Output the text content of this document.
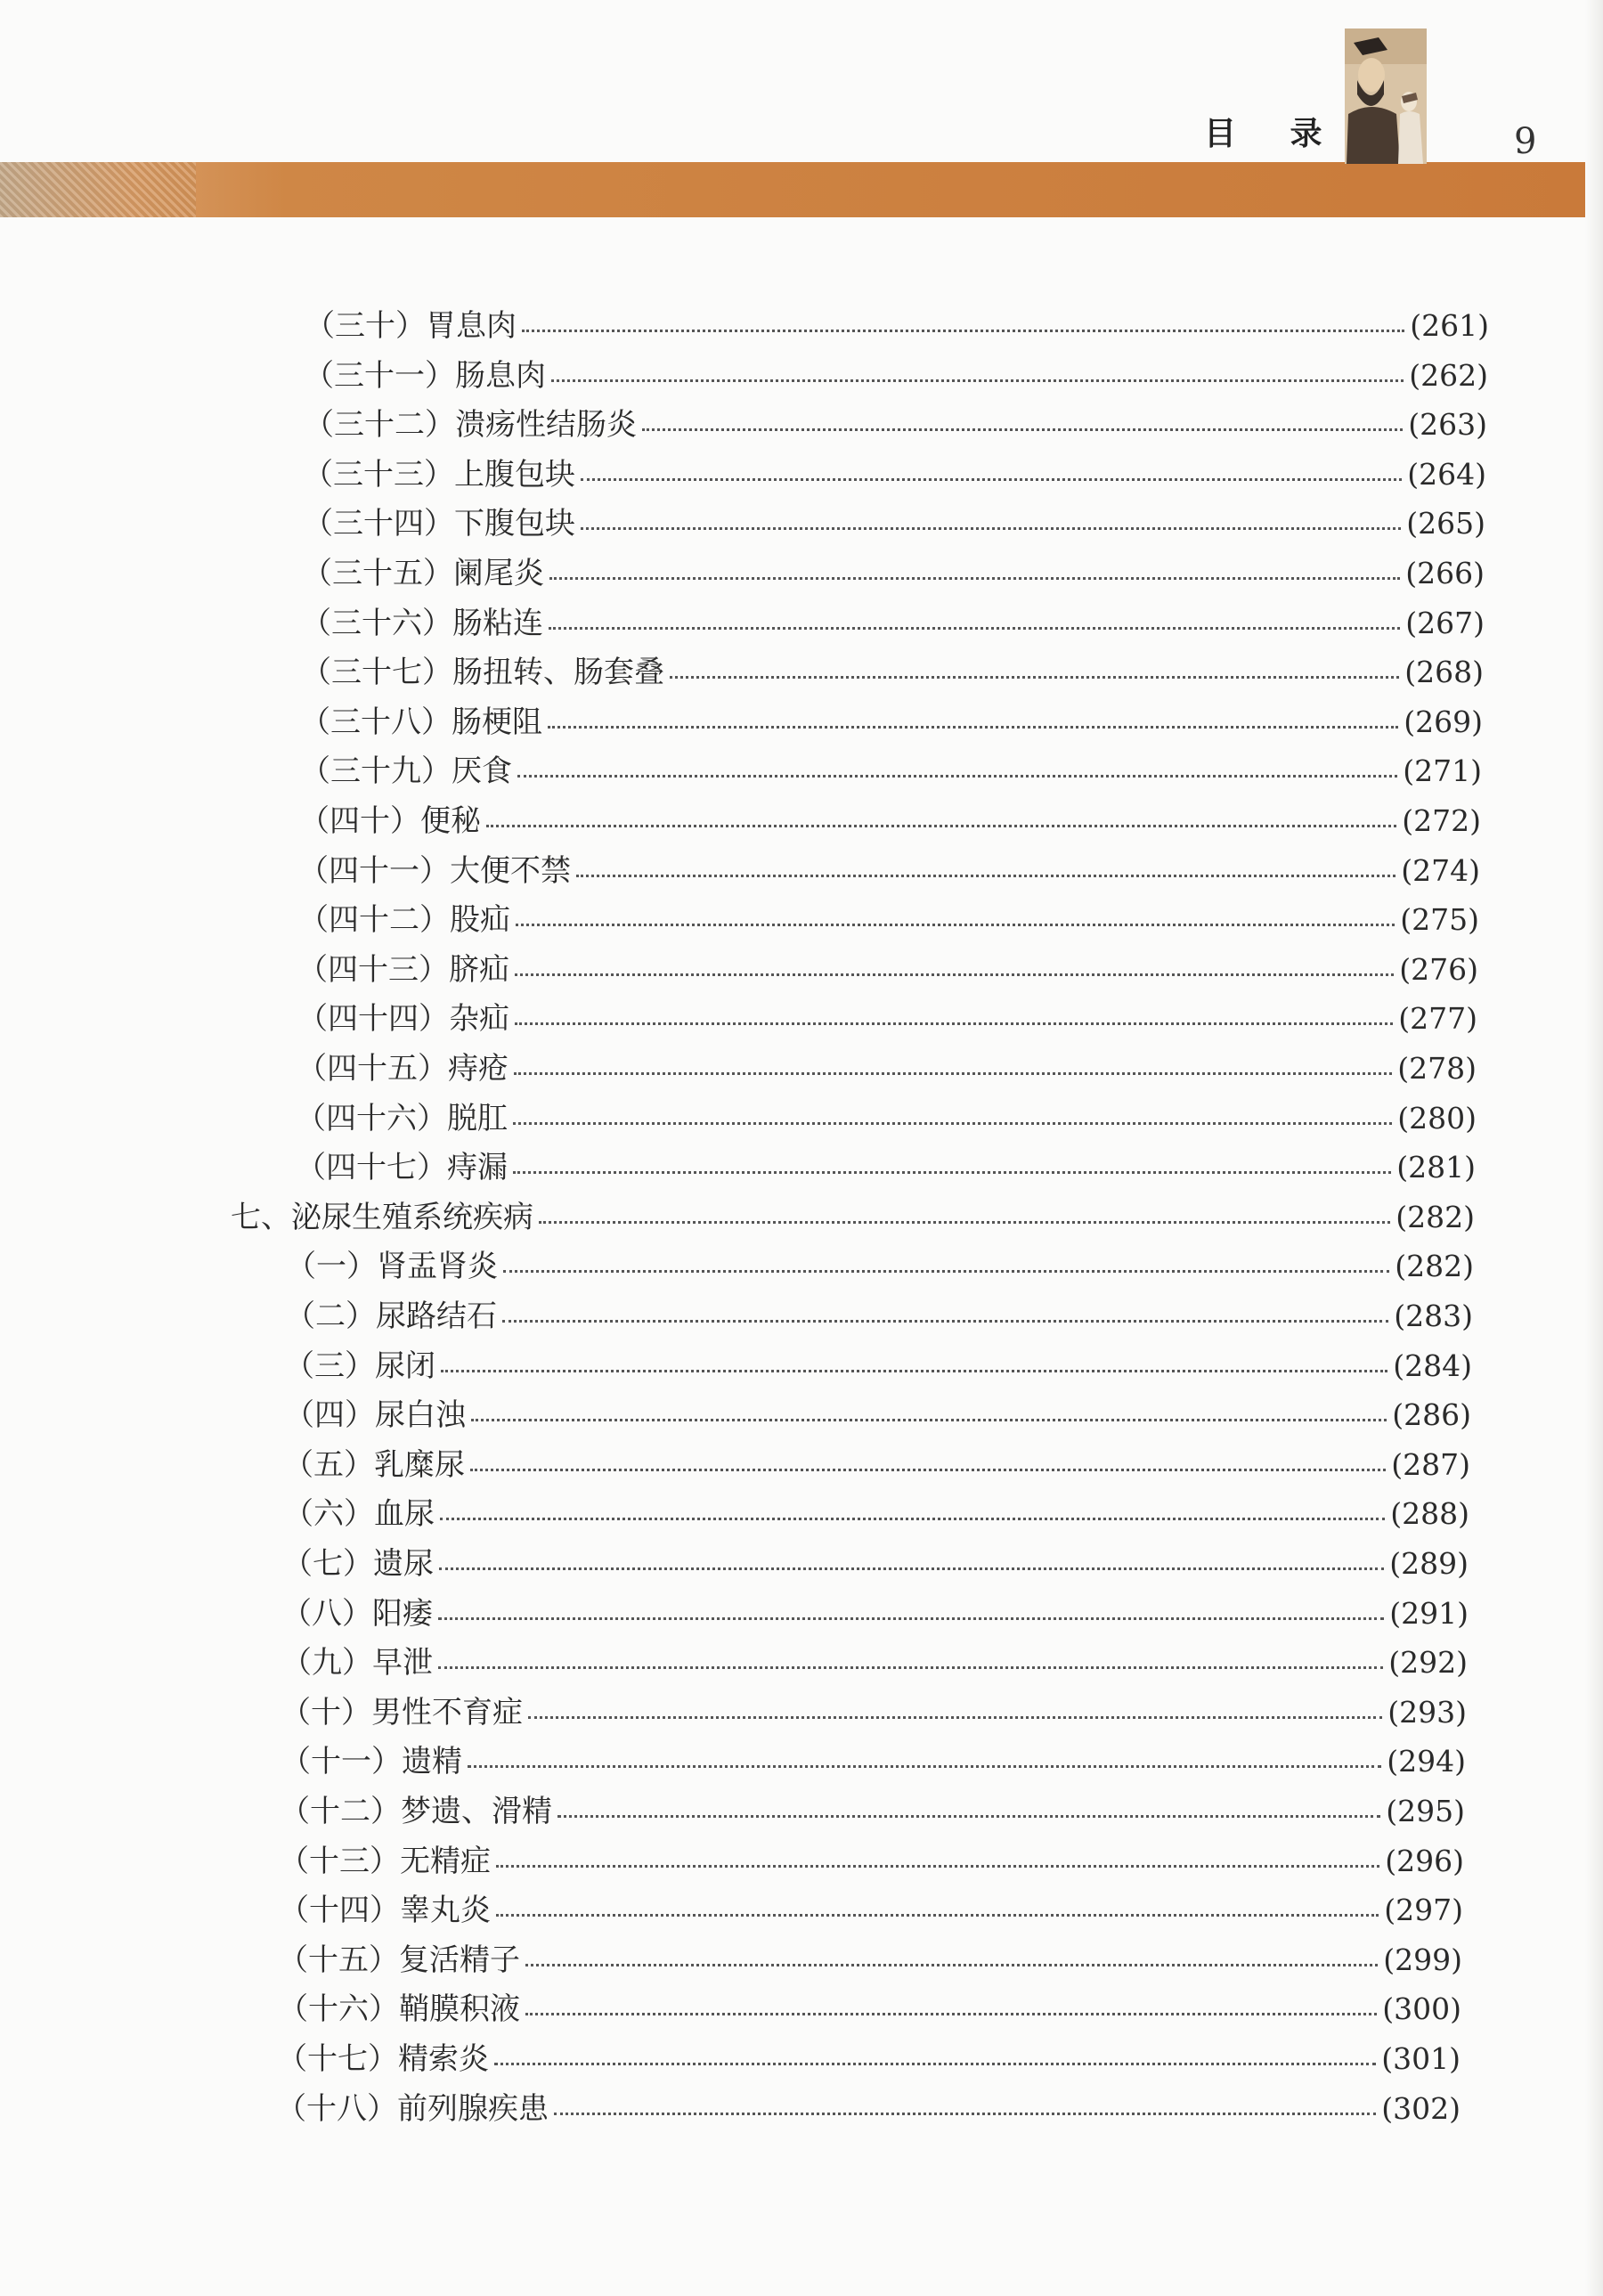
目 录	9
（三十）胃息肉	(261)
（三十一）肠息肉	(262)
（三十二）溃疡性结肠炎	(263)
（三十三）上腹包块	(264)
（三十四）下腹包块	(265)
（三十五）阑尾炎	(266)
（三十六）肠粘连	(267)
（三十七）肠扭转、肠套叠	(268)
（三十八）肠梗阻	(269)
（三十九）厌食	(271)
（四十）便秘	(272)
（四十一）大便不禁	(274)
（四十二）股疝	(275)
（四十三）脐疝	(276)
（四十四）杂疝	(277)
（四十五）痔疮	(278)
（四十六）脱肛	(280)
（四十七）痔漏	(281)
七、泌尿生殖系统疾病	(282)
（一）肾盂肾炎	(282)
（二）尿路结石	(283)
（三）尿闭	(284)
（四）尿白浊	(286)
（五）乳糜尿	(287)
（六）血尿	(288)
（七）遗尿	(289)
（八）阳痿	(291)
（九）早泄	(292)
（十）男性不育症	(293)
（十一）遗精	(294)
（十二）梦遗、滑精	(295)
（十三）无精症	(296)
（十四）睾丸炎	(297)
（十五）复活精子	(299)
（十六）鞘膜积液	(300)
（十七）精索炎	(301)
（十八）前列腺疾患	(302)
